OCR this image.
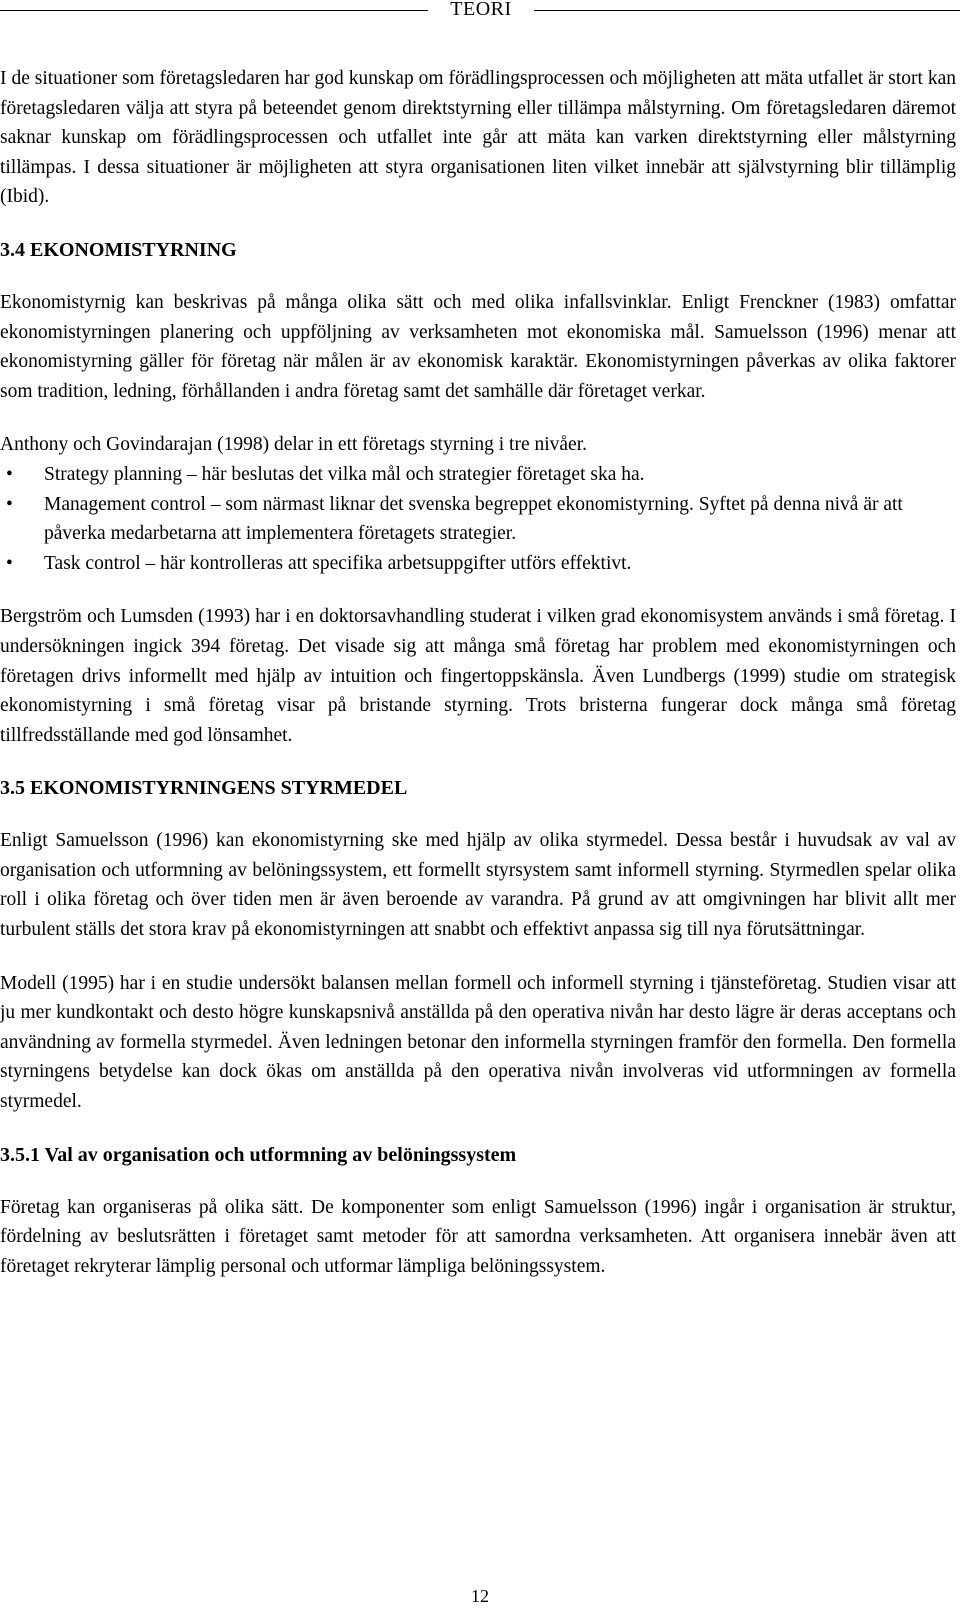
TEORI

I de situationer som företagsledaren har god kunskap om förädlingsprocessen och möjligheten att mäta utfallet är stort kan företagsledaren välja att styra på beteendet genom direktstyrning eller tillämpa målstyrning. Om företagsledaren däremot saknar kunskap om förädlingsprocessen och utfallet inte går att mäta kan varken direktstyrning eller målstyrning tillämpas. I dessa situationer är möjligheten att styra organisationen liten vilket innebär att självstyrning blir tillämplig (Ibid).

3.4 EKONOMISTYRNING

Ekonomistyrnig kan beskrivas på många olika sätt och med olika infallsvinklar. Enligt Frenckner (1983) omfattar ekonomistyrningen planering och uppföljning av verksamheten mot ekonomiska mål. Samuelsson (1996) menar att ekonomistyrning gäller för företag när målen är av ekonomisk karaktär. Ekonomistyrningen påverkas av olika faktorer som tradition, ledning, förhållanden i andra företag samt det samhälle där företaget verkar.

Anthony och Govindarajan (1998) delar in ett företags styrning i tre nivåer.

• Strategy planning – här beslutas det vilka mål och strategier företaget ska ha.
• Management control – som närmast liknar det svenska begreppet ekonomistyrning. Syftet på denna nivå är att påverka medarbetarna att implementera företagets strategier.
• Task control – här kontrolleras att specifika arbetsuppgifter utförs effektivt.

Bergström och Lumsden (1993) har i en doktorsavhandling studerat i vilken grad ekonomisystem används i små företag. I undersökningen ingick 394 företag. Det visade sig att många små företag har problem med ekonomistyrningen och företagen drivs informellt med hjälp av intuition och fingertoppskänsla. Även Lundbergs (1999) studie om strategisk ekonomistyrning i små företag visar på bristande styrning. Trots bristerna fungerar dock många små företag tillfredsställande med god lönsamhet.

3.5 EKONOMISTYRNINGENS STYRMEDEL

Enligt Samuelsson (1996) kan ekonomistyrning ske med hjälp av olika styrmedel. Dessa består i huvudsak av val av organisation och utformning av belöningssystem, ett formellt styrsystem samt informell styrning. Styrmedlen spelar olika roll i olika företag och över tiden men är även beroende av varandra. På grund av att omgivningen har blivit allt mer turbulent ställs det stora krav på ekonomistyrningen att snabbt och effektivt anpassa sig till nya förutsättningar.

Modell (1995) har i en studie undersökt balansen mellan formell och informell styrning i tjänsteföretag. Studien visar att ju mer kundkontakt och desto högre kunskapsnivå anställda på den operativa nivån har desto lägre är deras acceptans och användning av formella styrmedel. Även ledningen betonar den informella styrningen framför den formella. Den formella styrningens betydelse kan dock ökas om anställda på den operativa nivån involveras vid utformningen av formella styrmedel.

3.5.1 Val av organisation och utformning av belöningssystem

Företag kan organiseras på olika sätt. De komponenter som enligt Samuelsson (1996) ingår i organisation är struktur, fördelning av beslutsrätten i företaget samt metoder för att samordna verksamheten. Att organisera innebär även att företaget rekryterar lämplig personal och utformar lämpliga belöningssystem.

12
